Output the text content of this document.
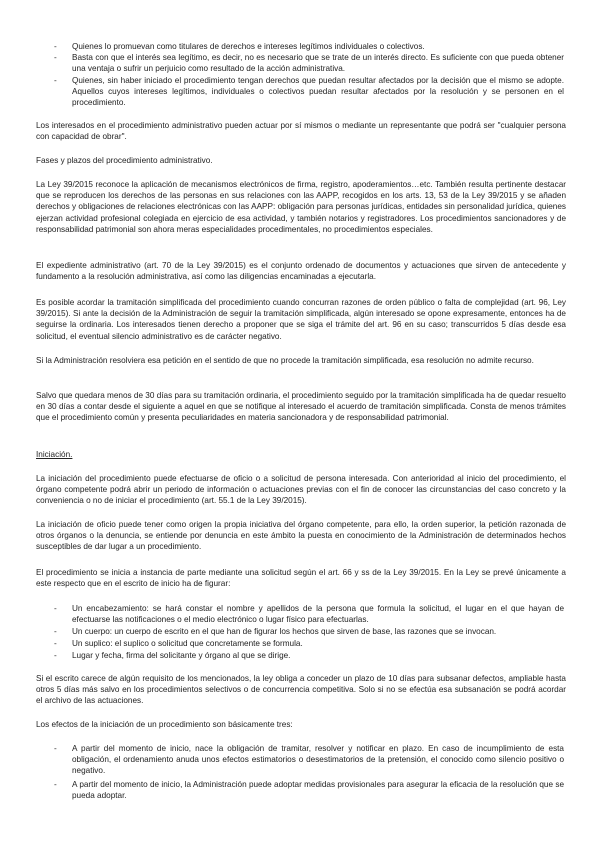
- Quienes lo promuevan como titulares de derechos e intereses legítimos individuales o colectivos.
- Basta con que el interés sea legítimo, es decir, no es necesario que se trate de un interés directo. Es suficiente con que pueda obtener una ventaja o sufrir un perjuicio como resultado de la acción administrativa.
- Quienes, sin haber iniciado el procedimiento tengan derechos que puedan resultar afectados por la decisión que el mismo se adopte. Aquellos cuyos intereses legítimos, individuales o colectivos puedan resultar afectados por la resolución y se personen en el procedimiento.
Los interesados en el procedimiento administrativo pueden actuar por sí mismos o mediante un representante que podrá ser "cualquier persona con capacidad de obrar".
Fases y plazos del procedimiento administrativo.
La Ley 39/2015 reconoce la aplicación de mecanismos electrónicos de firma, registro, apoderamientos…etc. También resulta pertinente destacar que se reproducen los derechos de las personas en sus relaciones con las AAPP, recogidos en los arts. 13, 53 de la Ley 39/2015 y se añaden derechos y obligaciones de relaciones electrónicas con las AAPP: obligación para personas jurídicas, entidades sin personalidad jurídica, quienes ejerzan actividad profesional colegiada en ejercicio de esa actividad, y también notarios y registradores. Los procedimientos sancionadores y de responsabilidad patrimonial son ahora meras especialidades procedimentales, no procedimientos especiales.
El expediente administrativo (art. 70 de la Ley 39/2015) es el conjunto ordenado de documentos y actuaciones que sirven de antecedente y fundamento a la resolución administrativa, así como las diligencias encaminadas a ejecutarla.
Es posible acordar la tramitación simplificada del procedimiento cuando concurran razones de orden público o falta de complejidad (art. 96, Ley 39/2015). Si ante la decisión de la Administración de seguir la tramitación simplificada, algún interesado se opone expresamente, entonces ha de seguirse la ordinaria. Los interesados tienen derecho a proponer que se siga el trámite del art. 96 en su caso; transcurridos 5 días desde esa solicitud, el eventual silencio administrativo es de carácter negativo.
Si la Administración resolviera esa petición en el sentido de que no procede la tramitación simplificada, esa resolución no admite recurso.
Salvo que quedara menos de 30 días para su tramitación ordinaria, el procedimiento seguido por la tramitación simplificada ha de quedar resuelto en 30 días a contar desde el siguiente a aquel en que se notifique al interesado el acuerdo de tramitación simplificada. Consta de menos trámites que el procedimiento común y presenta peculiaridades en materia sancionadora y de responsabilidad patrimonial.
Iniciación.
La iniciación del procedimiento puede efectuarse de oficio o a solicitud de persona interesada. Con anterioridad al inicio del procedimiento, el órgano competente podrá abrir un periodo de información o actuaciones previas con el fin de conocer las circunstancias del caso concreto y la conveniencia o no de iniciar el procedimiento (art. 55.1 de la Ley 39/2015).
La iniciación de oficio puede tener como origen la propia iniciativa del órgano competente, para ello, la orden superior, la petición razonada de otros órganos o la denuncia, se entiende por denuncia en este ámbito la puesta en conocimiento de la Administración de determinados hechos susceptibles de dar lugar a un procedimiento.
El procedimiento se inicia a instancia de parte mediante una solicitud según el art. 66 y ss de la Ley 39/2015. En la Ley se prevé únicamente a este respecto que en el escrito de inicio ha de figurar:
- Un encabezamiento: se hará constar el nombre y apellidos de la persona que formula la solicitud, el lugar en el que hayan de efectuarse las notificaciones o el medio electrónico o lugar físico para efectuarlas.
- Un cuerpo: un cuerpo de escrito en el que han de figurar los hechos que sirven de base, las razones que se invocan.
- Un suplico: el suplico o solicitud que concretamente se formula.
- Lugar y fecha, firma del solicitante y órgano al que se dirige.
Si el escrito carece de algún requisito de los mencionados, la ley obliga a conceder un plazo de 10 días para subsanar defectos, ampliable hasta otros 5 días más salvo en los procedimientos selectivos o de concurrencia competitiva. Solo si no se efectúa esa subsanación se podrá acordar el archivo de las actuaciones.
Los efectos de la iniciación de un procedimiento son básicamente tres:
- A partir del momento de inicio, nace la obligación de tramitar, resolver y notificar en plazo. En caso de incumplimiento de esta obligación, el ordenamiento anuda unos efectos estimatorios o desestimatorios de la pretensión, el conocido como silencio positivo o negativo.
- A partir del momento de inicio, la Administración puede adoptar medidas provisionales para asegurar la eficacia de la resolución que se pueda adoptar.
